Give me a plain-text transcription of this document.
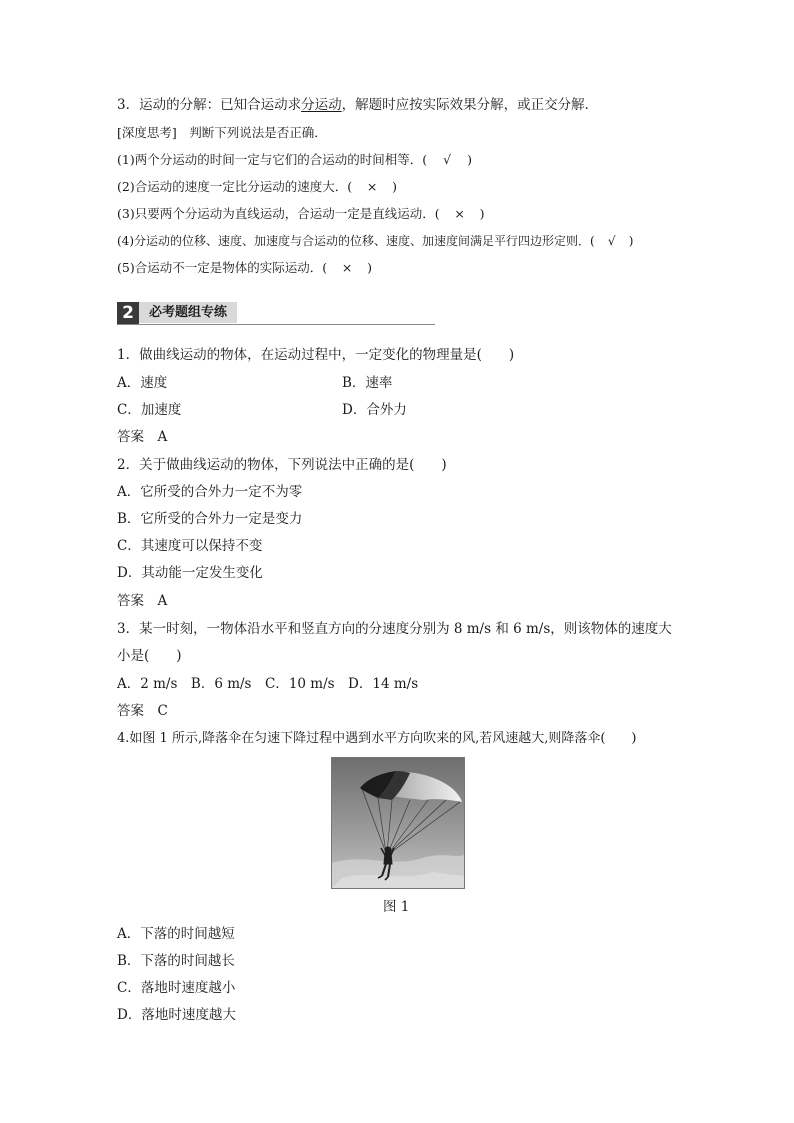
3．运动的分解：已知合运动求分运动，解题时应按实际效果分解，或正交分解．
[深度思考]　判断下列说法是否正确．
(1)两个分运动的时间一定与它们的合运动的时间相等．( √ )
(2)合运动的速度一定比分运动的速度大．( × )
(3)只要两个分运动为直线运动，合运动一定是直线运动．( × )
(4)分运动的位移、速度、加速度与合运动的位移、速度、加速度间满足平行四边形定则．( √ )
(5)合运动不一定是物体的实际运动．( × )
2	必考题组专练
1．做曲线运动的物体，在运动过程中，一定变化的物理量是(　　)
A．速度	B．速率
C．加速度	D．合外力
答案　A
2．关于做曲线运动的物体，下列说法中正确的是(　　)
A．它所受的合外力一定不为零
B．它所受的合外力一定是变力
C．其速度可以保持不变
D．其动能一定发生变化
答案　A
3．某一时刻，一物体沿水平和竖直方向的分速度分别为 8 m/s 和 6 m/s，则该物体的速度大
小是(　　)
A．2 m/s　B．6 m/s　C．10 m/s　D．14 m/s
答案　C
4.如图 1 所示,降落伞在匀速下降过程中遇到水平方向吹来的风,若风速越大,则降落伞(　　)
图 1
A．下落的时间越短
B．下落的时间越长
C．落地时速度越小
D．落地时速度越大
